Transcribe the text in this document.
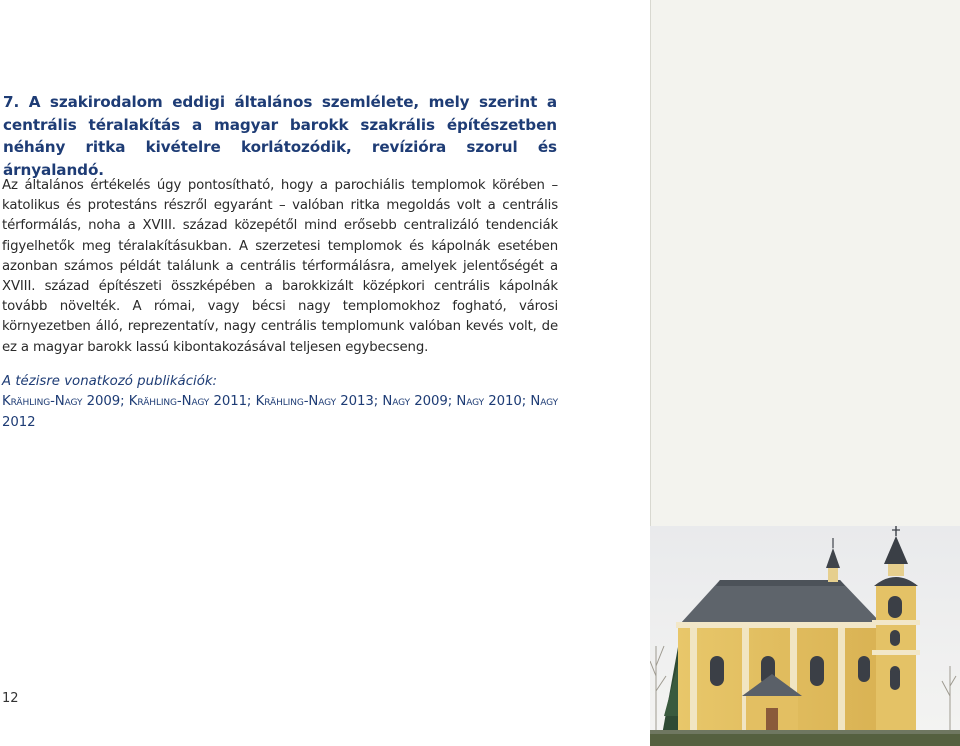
7. A szakirodalom eddigi általános szemlélete, mely szerint a centrális téralakítás a magyar barokk szakrális építészetben néhány ritka kivételre korlátozódik, revízióra szorul és árnyalandó.

Az általános értékelés úgy pontosítható, hogy a parochiális templomok körében – katolikus és protestáns részről egyaránt – valóban ritka megoldás volt a centrális térformálás, noha a XVIII. század közepétől mind erősebb centralizáló tendenciák figyelhetők meg téralakításukban. A szerzetesi templomok és kápolnák esetében azonban számos példát találunk a centrális térformálásra, amelyek jelentőségét a XVIII. század építészeti összképében a barokkizált középkori centrális kápolnák tovább növelték. A római, vagy bécsi nagy templomokhoz fogható, városi környezetben álló, reprezentatív, nagy centrális templomunk valóban kevés volt, de ez a magyar barokk lassú kibontakozásával teljesen egybecseng.

A tézisre vonatkozó publikációk:

Krähling-Nagy 2009; Krähling-Nagy 2011; Krähling-Nagy 2013; Nagy 2009; Nagy 2010; Nagy 2012

12
